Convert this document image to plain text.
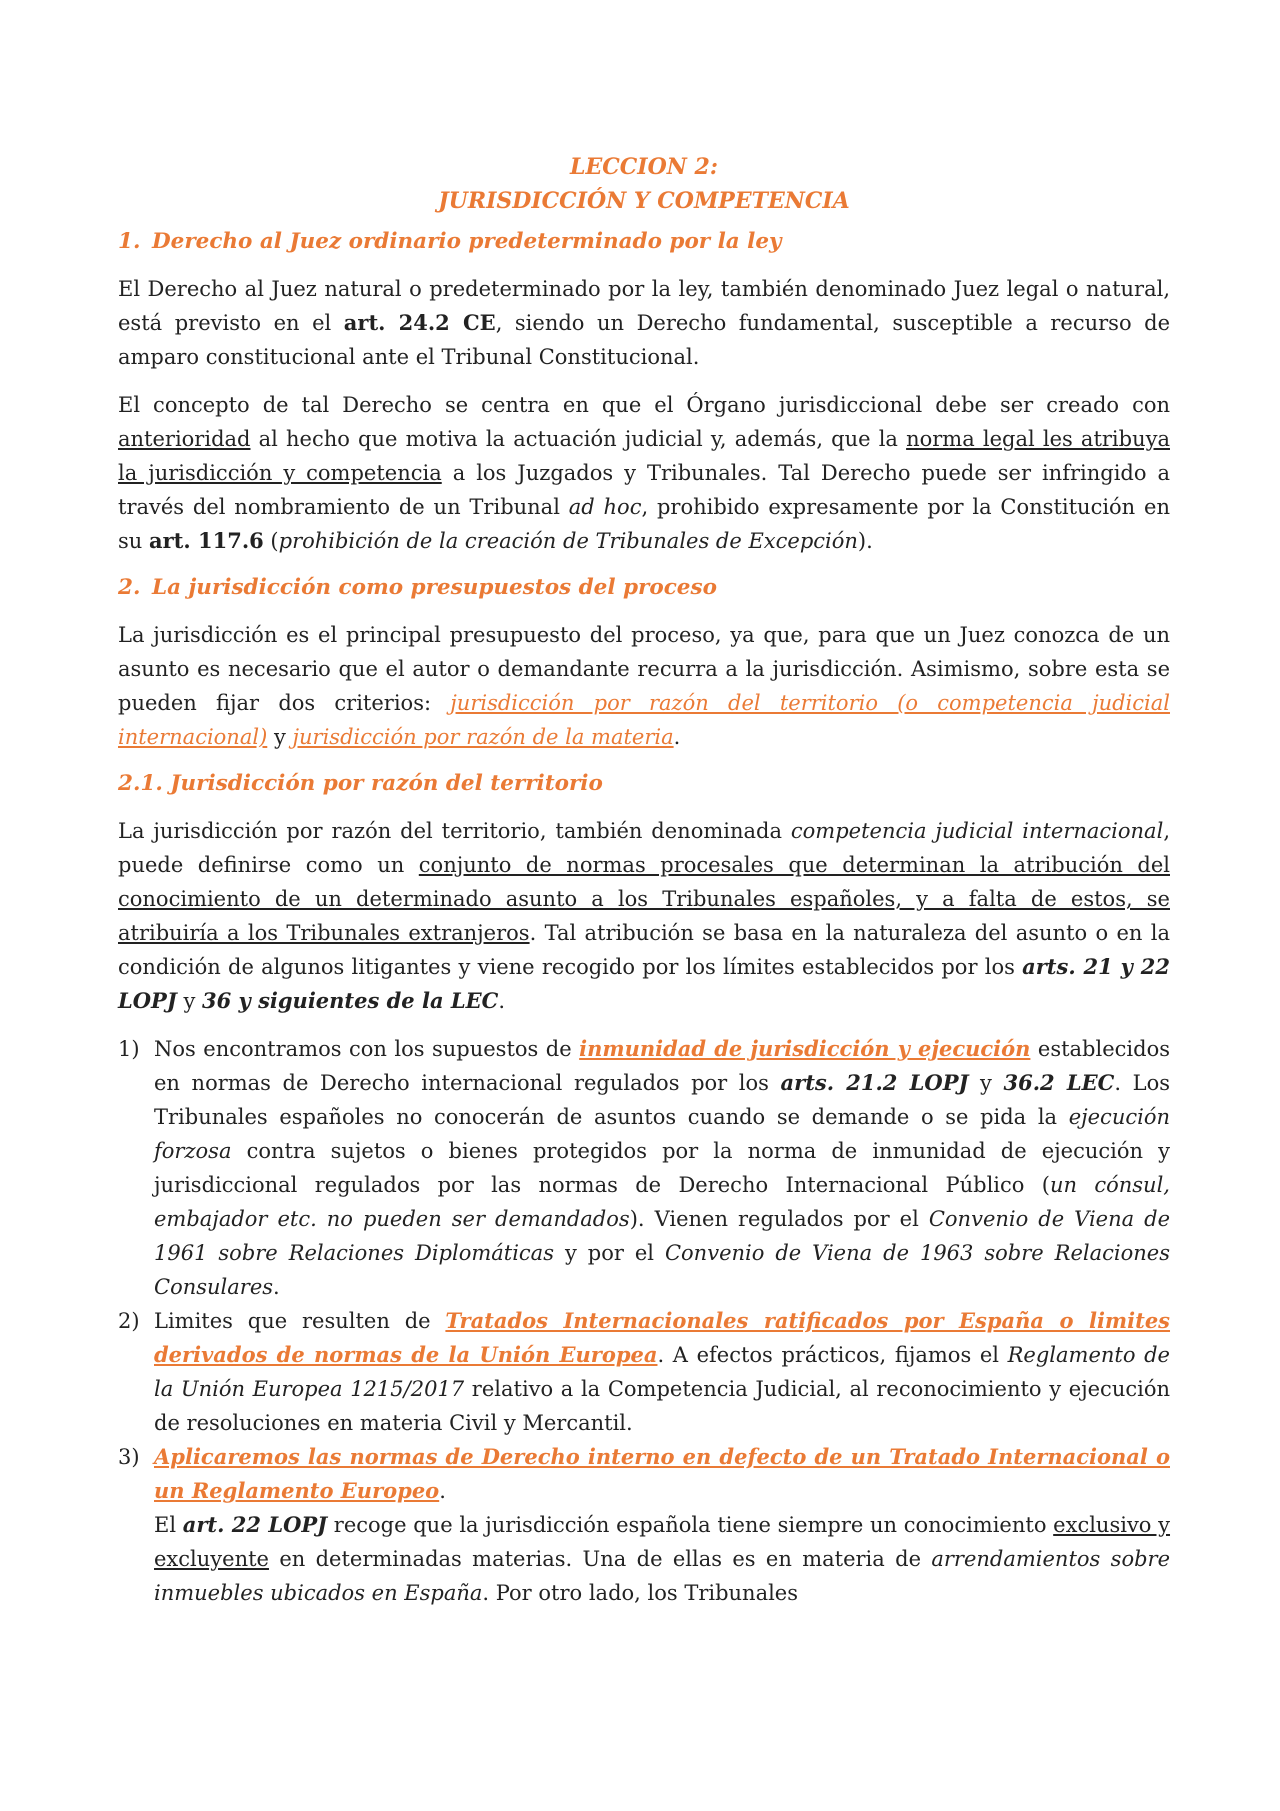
LECCION 2:
JURISDICCIÓN Y COMPETENCIA
1. Derecho al Juez ordinario predeterminado por la ley

El Derecho al Juez natural o predeterminado por la ley, también denominado Juez legal o natural, está previsto en el art. 24.2 CE, siendo un Derecho fundamental, susceptible a recurso de amparo constitucional ante el Tribunal Constitucional.

El concepto de tal Derecho se centra en que el Órgano jurisdiccional debe ser creado con anterioridad al hecho que motiva la actuación judicial y, además, que la norma legal les atribuya la jurisdicción y competencia a los Juzgados y Tribunales. Tal Derecho puede ser infringido a través del nombramiento de un Tribunal ad hoc, prohibido expresamente por la Constitución en su art. 117.6 (prohibición de la creación de Tribunales de Excepción).

2. La jurisdicción como presupuestos del proceso

La jurisdicción es el principal presupuesto del proceso, ya que, para que un Juez conozca de un asunto es necesario que el autor o demandante recurra a la jurisdicción. Asimismo, sobre esta se pueden fijar dos criterios: jurisdicción por razón del territorio (o competencia judicial internacional) y jurisdicción por razón de la materia.

2.1. Jurisdicción por razón del territorio

La jurisdicción por razón del territorio, también denominada competencia judicial internacional, puede definirse como un conjunto de normas procesales que determinan la atribución del conocimiento de un determinado asunto a los Tribunales españoles, y a falta de estos, se atribuiría a los Tribunales extranjeros. Tal atribución se basa en la naturaleza del asunto o en la condición de algunos litigantes y viene recogido por los límites establecidos por los arts. 21 y 22 LOPJ y 36 y siguientes de la LEC.

1) Nos encontramos con los supuestos de inmunidad de jurisdicción y ejecución establecidos en normas de Derecho internacional regulados por los arts. 21.2 LOPJ y 36.2 LEC. Los Tribunales españoles no conocerán de asuntos cuando se demande o se pida la ejecución forzosa contra sujetos o bienes protegidos por la norma de inmunidad de ejecución y jurisdiccional regulados por las normas de Derecho Internacional Público (un cónsul, embajador etc. no pueden ser demandados). Vienen regulados por el Convenio de Viena de 1961 sobre Relaciones Diplomáticas y por el Convenio de Viena de 1963 sobre Relaciones Consulares.
2) Limites que resulten de Tratados Internacionales ratificados por España o limites derivados de normas de la Unión Europea. A efectos prácticos, fijamos el Reglamento de la Unión Europea 1215/2017 relativo a la Competencia Judicial, al reconocimiento y ejecución de resoluciones en materia Civil y Mercantil.
3) Aplicaremos las normas de Derecho interno en defecto de un Tratado Internacional o un Reglamento Europeo.

El art. 22 LOPJ recoge que la jurisdicción española tiene siempre un conocimiento exclusivo y excluyente en determinadas materias. Una de ellas es en materia de arrendamientos sobre inmuebles ubicados en España. Por otro lado, los Tribunales
